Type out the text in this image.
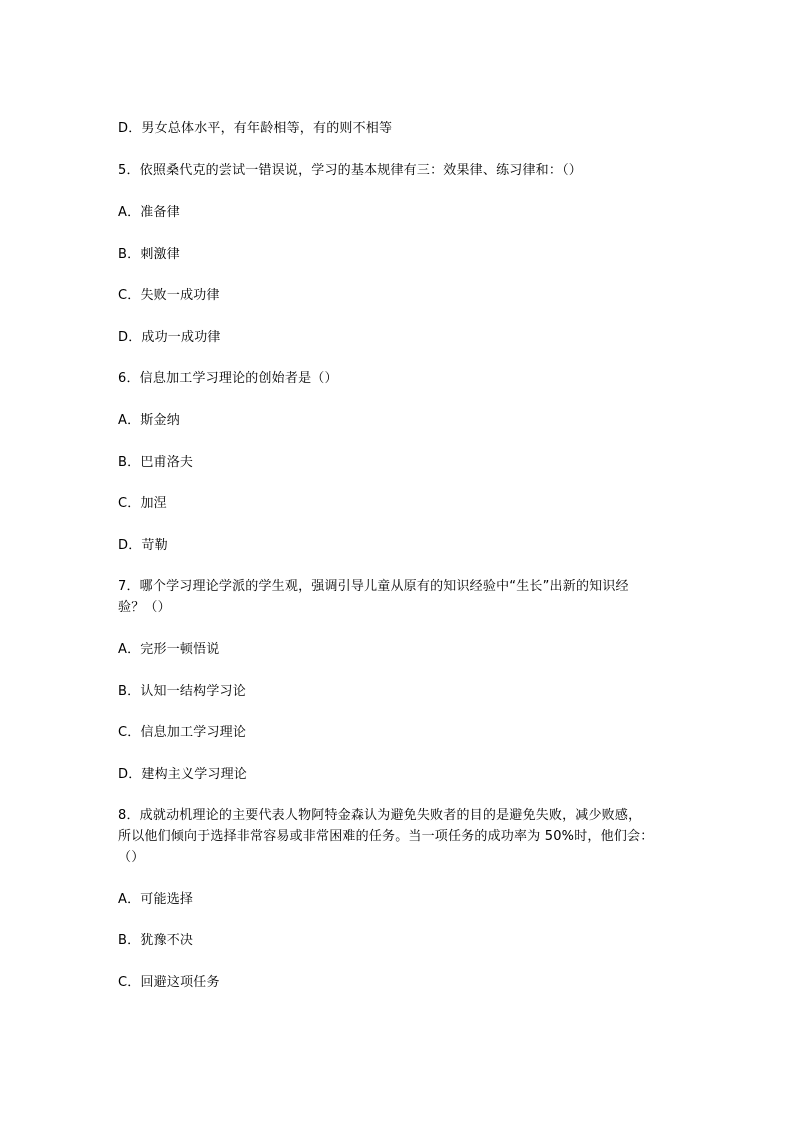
D．男女总体水平，有年龄相等，有的则不相等
5．依照桑代克的尝试一错误说，学习的基本规律有三：效果律、练习律和：（）
A．准备律
B．刺激律
C．失败一成功律
D．成功一成功律
6．信息加工学习理论的创始者是（）
A．斯金纳
B．巴甫洛夫
C．加涅
D．苛勒
7．哪个学习理论学派的学生观，强调引导儿童从原有的知识经验中“生长”出新的知识经
验？（）
A．完形一顿悟说
B．认知一结构学习论
C．信息加工学习理论
D．建构主义学习理论
8．成就动机理论的主要代表人物阿特金森认为避免失败者的目的是避免失败，减少败感，
所以他们倾向于选择非常容易或非常困难的任务。当一项任务的成功率为 50%时，他们会：
（）
A．可能选择
B．犹豫不决
C．回避这项任务
